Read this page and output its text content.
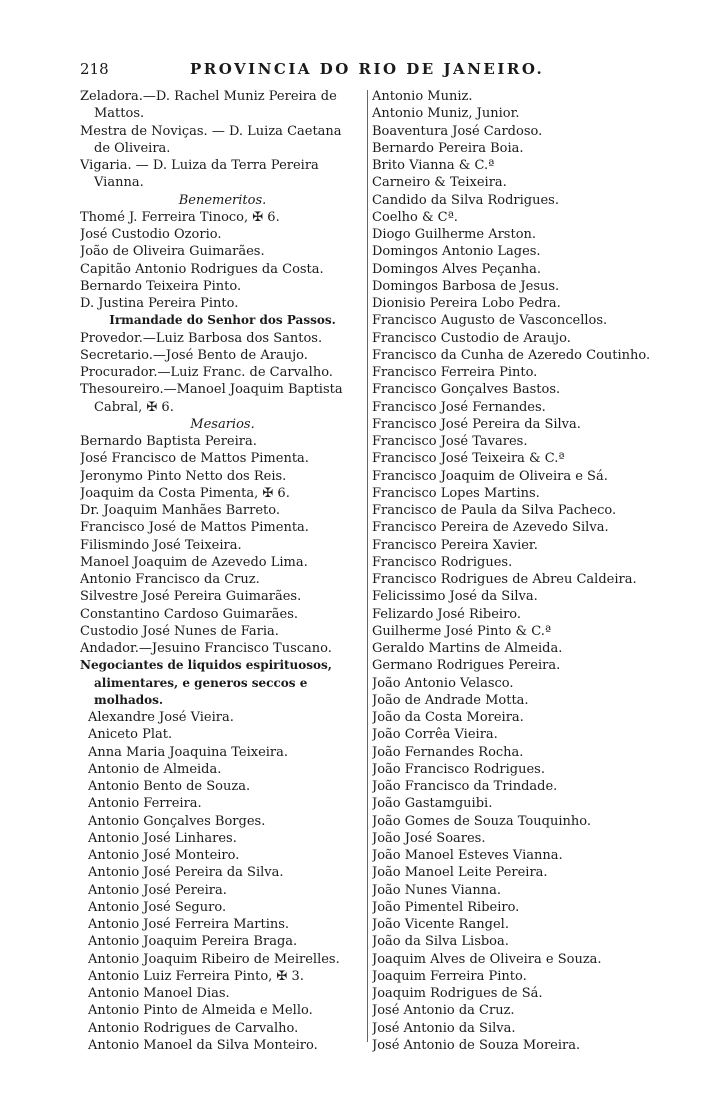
218	PROVINCIA DO RIO DE JANEIRO.
Zeladora.—D. Rachel Muniz Pereira de
Mattos.
Mestra de Noviças. — D. Luiza Caetana
de Oliveira.
Vigaria. — D. Luiza da Terra Pereira
Vianna.
Benemeritos.
Thomé J. Ferreira Tinoco, ✠ 6.
José Custodio Ozorio.
João de Oliveira Guimarães.
Capitão Antonio Rodrigues da Costa.
Bernardo Teixeira Pinto.
D. Justina Pereira Pinto.
Irmandade do Senhor dos Passos.
Provedor.—Luiz Barbosa dos Santos.
Secretario.—José Bento de Araujo.
Procurador.—Luiz Franc. de Carvalho.
Thesoureiro.—Manoel Joaquim Baptista
Cabral, ✠ 6.
Mesarios.
Bernardo Baptista Pereira.
José Francisco de Mattos Pimenta.
Jeronymo Pinto Netto dos Reis.
Joaquim da Costa Pimenta, ✠ 6.
Dr. Joaquim Manhães Barreto.
Francisco José de Mattos Pimenta.
Filismindo José Teixeira.
Manoel Joaquim de Azevedo Lima.
Antonio Francisco da Cruz.
Silvestre José Pereira Guimarães.
Constantino Cardoso Guimarães.
Custodio José Nunes de Faria.
Andador.—Jesuino Francisco Tuscano.
Negociantes de liquidos espirituosos,
alimentares, e generos seccos e
molhados.
Alexandre José Vieira.
Aniceto Plat.
Anna Maria Joaquina Teixeira.
Antonio de Almeida.
Antonio Bento de Souza.
Antonio Ferreira.
Antonio Gonçalves Borges.
Antonio José Linhares.
Antonio José Monteiro.
Antonio José Pereira da Silva.
Antonio José Pereira.
Antonio José Seguro.
Antonio José Ferreira Martins.
Antonio Joaquim Pereira Braga.
Antonio Joaquim Ribeiro de Meirelles.
Antonio Luiz Ferreira Pinto, ✠ 3.
Antonio Manoel Dias.
Antonio Pinto de Almeida e Mello.
Antonio Rodrigues de Carvalho.
Antonio Manoel da Silva Monteiro.
Antonio Muniz.
Antonio Muniz, Junior.
Boaventura José Cardoso.
Bernardo Pereira Boia.
Brito Vianna & C.ª
Carneiro & Teixeira.
Candido da Silva Rodrigues.
Coelho & Cª.
Diogo Guilherme Arston.
Domingos Antonio Lages.
Domingos Alves Peçanha.
Domingos Barbosa de Jesus.
Dionisio Pereira Lobo Pedra.
Francisco Augusto de Vasconcellos.
Francisco Custodio de Araujo.
Francisco da Cunha de Azeredo Coutinho.
Francisco Ferreira Pinto.
Francisco Gonçalves Bastos.
Francisco José Fernandes.
Francisco José Pereira da Silva.
Francisco José Tavares.
Francisco José Teixeira & C.ª
Francisco Joaquim de Oliveira e Sá.
Francisco Lopes Martins.
Francisco de Paula da Silva Pacheco.
Francisco Pereira de Azevedo Silva.
Francisco Pereira Xavier.
Francisco Rodrigues.
Francisco Rodrigues de Abreu Caldeira.
Felicissimo José da Silva.
Felizardo José Ribeiro.
Guilherme José Pinto & C.ª
Geraldo Martins de Almeida.
Germano Rodrigues Pereira.
João Antonio Velasco.
João de Andrade Motta.
João da Costa Moreira.
João Corrêa Vieira.
João Fernandes Rocha.
João Francisco Rodrigues.
João Francisco da Trindade.
João Gastamguibi.
João Gomes de Souza Touquinho.
João José Soares.
João Manoel Esteves Vianna.
João Manoel Leite Pereira.
João Nunes Vianna.
João Pimentel Ribeiro.
João Vicente Rangel.
João da Silva Lisboa.
Joaquim Alves de Oliveira e Souza.
Joaquim Ferreira Pinto.
Joaquim Rodrigues de Sá.
José Antonio da Cruz.
José Antonio da Silva.
José Antonio de Souza Moreira.
